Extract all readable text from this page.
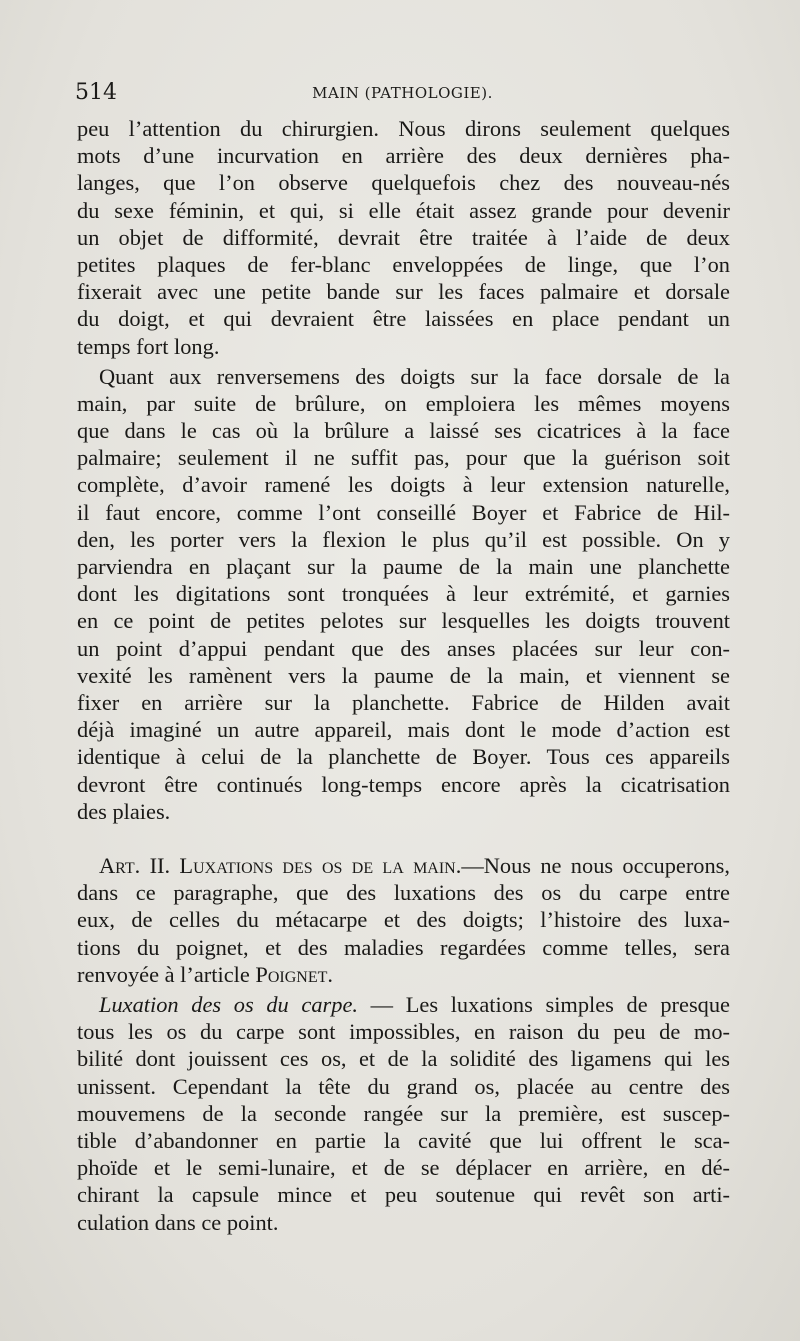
514	MAIN (PATHOLOGIE).
peu l’attention du chirurgien. Nous dirons seulement quelques
mots d’une incurvation en arrière des deux dernières pha-
langes, que l’on observe quelquefois chez des nouveau-nés
du sexe féminin, et qui, si elle était assez grande pour devenir
un objet de difformité, devrait être traitée à l’aide de deux
petites plaques de fer-blanc enveloppées de linge, que l’on
fixerait avec une petite bande sur les faces palmaire et dorsale
du doigt, et qui devraient être laissées en place pendant un
temps fort long.
Quant aux renversemens des doigts sur la face dorsale de la
main, par suite de brûlure, on emploiera les mêmes moyens
que dans le cas où la brûlure a laissé ses cicatrices à la face
palmaire; seulement il ne suffit pas, pour que la guérison soit
complète, d’avoir ramené les doigts à leur extension naturelle,
il faut encore, comme l’ont conseillé Boyer et Fabrice de Hil-
den, les porter vers la flexion le plus qu’il est possible. On y
parviendra en plaçant sur la paume de la main une planchette
dont les digitations sont tronquées à leur extrémité, et garnies
en ce point de petites pelotes sur lesquelles les doigts trouvent
un point d’appui pendant que des anses placées sur leur con-
vexité les ramènent vers la paume de la main, et viennent se
fixer en arrière sur la planchette. Fabrice de Hilden avait
déjà imaginé un autre appareil, mais dont le mode d’action est
identique à celui de la planchette de Boyer. Tous ces appareils
devront être continués long-temps encore après la cicatrisation
des plaies.
Art. II. Luxations des os de la main.—Nous ne nous occuperons,
dans ce paragraphe, que des luxations des os du carpe entre
eux, de celles du métacarpe et des doigts; l’histoire des luxa-
tions du poignet, et des maladies regardées comme telles, sera
renvoyée à l’article Poignet.
Luxation des os du carpe. — Les luxations simples de presque
tous les os du carpe sont impossibles, en raison du peu de mo-
bilité dont jouissent ces os, et de la solidité des ligamens qui les
unissent. Cependant la tête du grand os, placée au centre des
mouvemens de la seconde rangée sur la première, est suscep-
tible d’abandonner en partie la cavité que lui offrent le sca-
phoïde et le semi-lunaire, et de se déplacer en arrière, en dé-
chirant la capsule mince et peu soutenue qui revêt son arti-
culation dans ce point.
